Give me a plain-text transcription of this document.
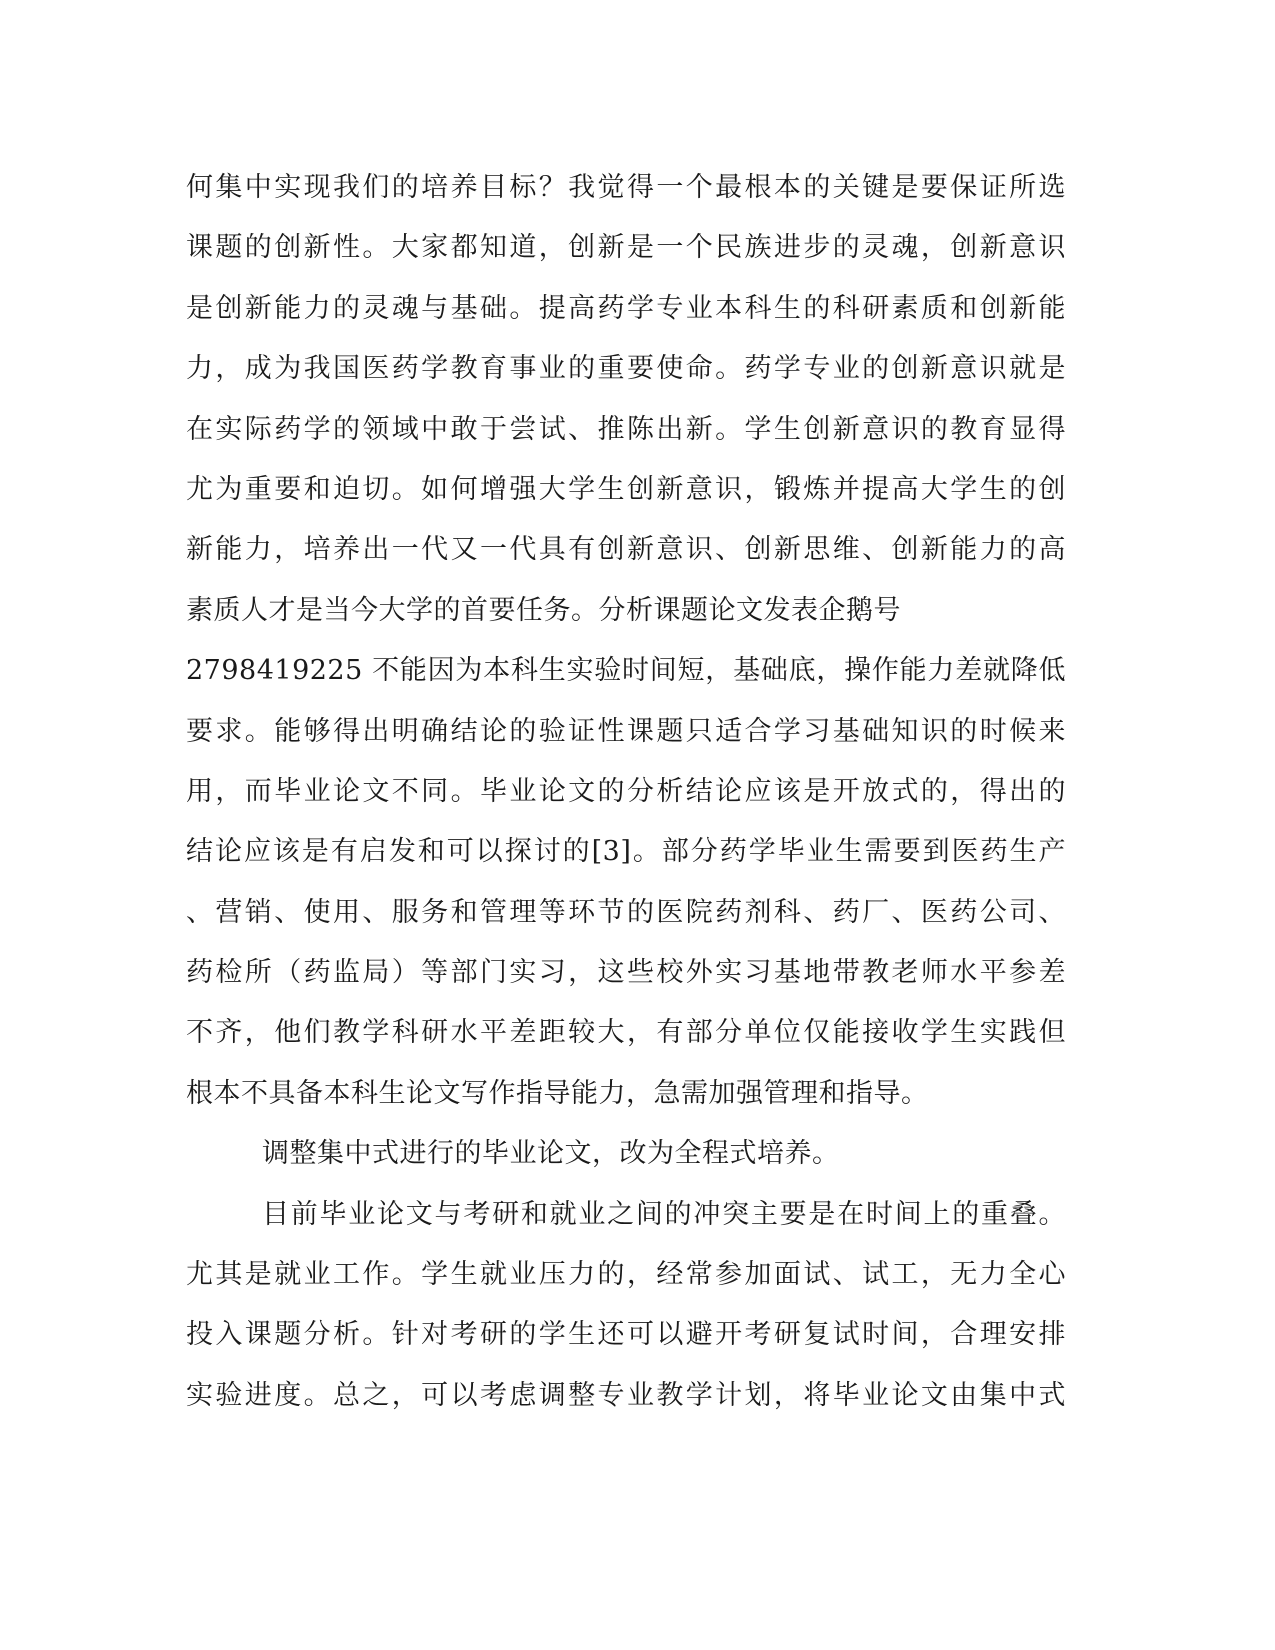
何集中实现我们的培养目标？我觉得一个最根本的关键是要保证所选
课题的创新性。大家都知道，创新是一个民族进步的灵魂，创新意识
是创新能力的灵魂与基础。提高药学专业本科生的科研素质和创新能
力，成为我国医药学教育事业的重要使命。药学专业的创新意识就是
在实际药学的领域中敢于尝试、推陈出新。学生创新意识的教育显得
尤为重要和迫切。如何增强大学生创新意识，锻炼并提高大学生的创
新能力，培养出一代又一代具有创新意识、创新思维、创新能力的高
素质人才是当今大学的首要任务。分析课题论文发表企鹅号
2798419225 不能因为本科生实验时间短，基础底，操作能力差就降低
要求。能够得出明确结论的验证性课题只适合学习基础知识的时候来
用，而毕业论文不同。毕业论文的分析结论应该是开放式的，得出的
结论应该是有启发和可以探讨的[3]。部分药学毕业生需要到医药生产
、营销、使用、服务和管理等环节的医院药剂科、药厂、医药公司、
药检所（药监局）等部门实习，这些校外实习基地带教老师水平参差
不齐，他们教学科研水平差距较大，有部分单位仅能接收学生实践但
根本不具备本科生论文写作指导能力，急需加强管理和指导。
调整集中式进行的毕业论文，改为全程式培养。
目前毕业论文与考研和就业之间的冲突主要是在时间上的重叠。
尤其是就业工作。学生就业压力的，经常参加面试、试工，无力全心
投入课题分析。针对考研的学生还可以避开考研复试时间，合理安排
实验进度。总之，可以考虑调整专业教学计划，将毕业论文由集中式
